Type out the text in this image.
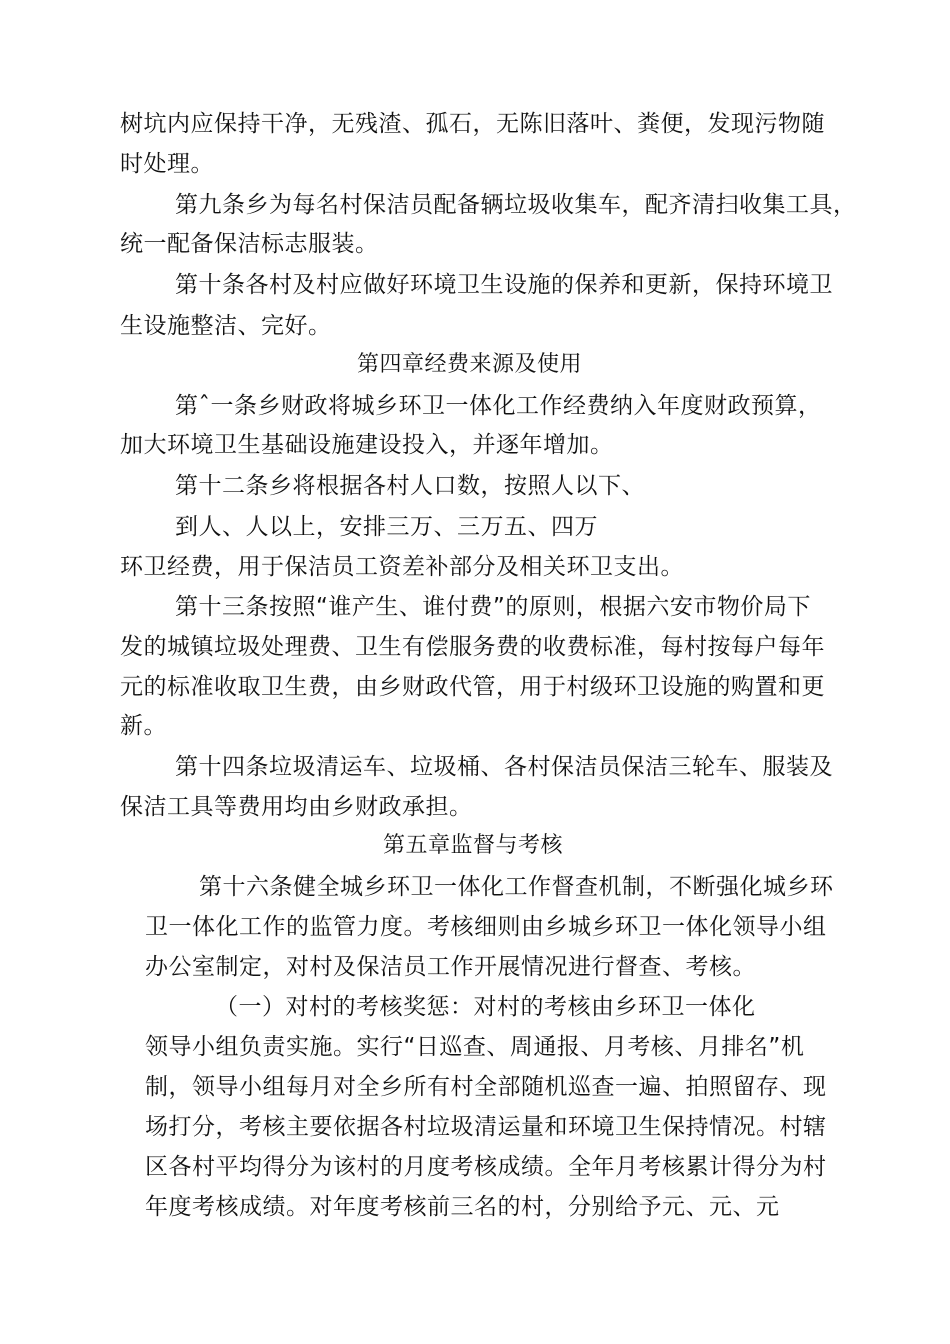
树坑内应保持干净，无残渣、孤石，无陈旧落叶、粪便，发现污物随
时处理。
第九条乡为每名村保洁员配备辆垃圾收集车，配齐清扫收集工具，
统一配备保洁标志服装。
第十条各村及村应做好环境卫生设施的保养和更新，保持环境卫
生设施整洁、完好。
第四章经费来源及使用
第ˆ一条乡财政将城乡环卫一体化工作经费纳入年度财政预算，
加大环境卫生基础设施建设投入，并逐年增加。
第十二条乡将根据各村人口数，按照人以下、
到人、人以上，安排三万、三万五、四万
环卫经费，用于保洁员工资差补部分及相关环卫支出。
第十三条按照“谁产生、谁付费”的原则，根据六安市物价局下
发的城镇垃圾处理费、卫生有偿服务费的收费标准，每村按每户每年
元的标准收取卫生费，由乡财政代管，用于村级环卫设施的购置和更
新。
第十四条垃圾清运车、垃圾桶、各村保洁员保洁三轮车、服装及
保洁工具等费用均由乡财政承担。
第五章监督与考核
第十六条健全城乡环卫一体化工作督查机制，不断强化城乡环
卫一体化工作的监管力度。考核细则由乡城乡环卫一体化领导小组
办公室制定，对村及保洁员工作开展情况进行督查、考核。
（一）对村的考核奖惩：对村的考核由乡环卫一体化
领导小组负责实施。实行“日巡查、周通报、月考核、月排名”机
制，领导小组每月对全乡所有村全部随机巡查一遍、拍照留存、现
场打分，考核主要依据各村垃圾清运量和环境卫生保持情况。村辖
区各村平均得分为该村的月度考核成绩。全年月考核累计得分为村
年度考核成绩。对年度考核前三名的村，分别给予元、元、元
